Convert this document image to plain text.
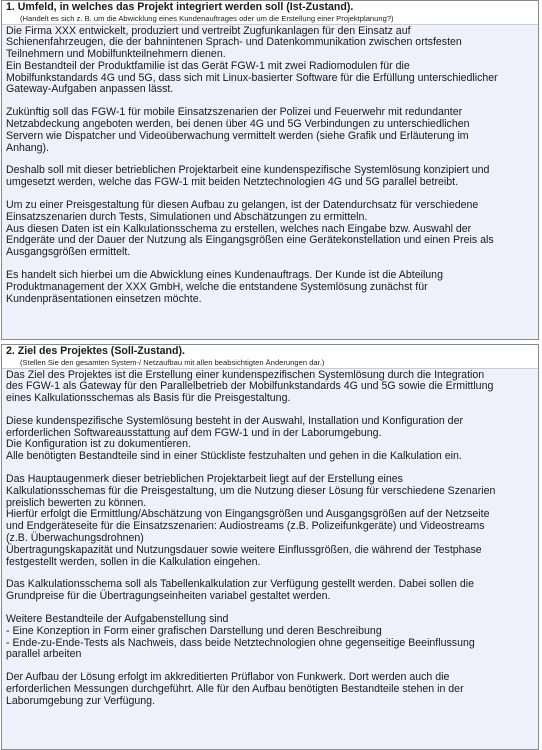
1. Umfeld, in welches das Projekt integriert werden soll (Ist-Zustand).

(Handelt es sich z. B. um die Abwicklung eines Kundenauftrages oder um die Erstellung einer Projektplanung?)

Die Firma XXX entwickelt, produziert und vertreibt Zugfunkanlagen für den Einsatz auf
Schienenfahrzeugen, die der bahnintenen Sprach- und Datenkommunikation zwischen ortsfesten
Teilnehmern und Mobilfunkteilnehmern dienen.
Ein Bestandteil der Produktfamilie ist das Gerät FGW-1 mit zwei Radiomodulen für die
Mobilfunkstandards 4G und 5G, dass sich mit Linux-basierter Software für die Erfüllung unterschiedlicher
Gateway-Aufgaben anpassen lässt.

Zukünftig soll das FGW-1 für mobile Einsatzszenarien der Polizei und Feuerwehr mit redundanter
Netzabdeckung angeboten werden, bei denen über 4G und 5G Verbindungen zu unterschiedlichen
Servern wie Dispatcher und Videoüberwachung vermittelt werden (siehe Grafik und Erläuterung im
Anhang).

Deshalb soll mit dieser betrieblichen Projektarbeit eine kundenspezifische Systemlösung konzipiert und
umgesetzt werden, welche das FGW-1 mit beiden Netztechnologien 4G und 5G parallel betreibt.

Um zu einer Preisgestaltung für diesen Aufbau zu gelangen, ist der Datendurchsatz für verschiedene
Einsatzszenarien durch Tests, Simulationen und Abschätzungen zu ermitteln.
Aus diesen Daten ist ein Kalkulationsschema zu erstellen, welches nach Eingabe bzw. Auswahl der
Endgeräte und der Dauer der Nutzung als Eingangsgrößen eine Gerätekonstellation und einen Preis als
Ausgangsgrößen ermittelt.

Es handelt sich hierbei um die Abwicklung eines Kundenauftrags. Der Kunde ist die Abteilung
Produktmanagement der XXX GmbH, welche die entstandene Systemlösung zunächst für
Kundenpräsentationen einsetzen möchte.

2. Ziel des Projektes (Soll-Zustand).

(Stellen Sie den gesamten System-/ Netzaufbau mit allen beabsichtigten Änderungen dar.)

Das Ziel des Projektes ist die Erstellung einer kundenspezifischen Systemlösung durch die Integration
des FGW-1 als Gateway für den Parallelbetrieb der Mobilfunkstandards 4G und 5G sowie die Ermittlung
eines Kalkulationsschemas als Basis für die Preisgestaltung.

Diese kundenspezifische Systemlösung besteht in der Auswahl, Installation und Konfiguration der
erforderlichen Softwareausstattung auf dem FGW-1 und in der Laborumgebung.
Die Konfiguration ist zu dokumentieren.
Alle benötigten Bestandteile sind in einer Stückliste festzuhalten und gehen in die Kalkulation ein.

Das Hauptaugenmerk dieser betrieblichen Projektarbeit liegt auf der Erstellung eines
Kalkulationsschemas für die Preisgestaltung, um die Nutzung dieser Lösung für verschiedene Szenarien
preislich bewerten zu können.
Hierfür erfolgt die Ermittlung/Abschätzung von Eingangsgrößen und Ausgangsgrößen auf der Netzseite
und Endgeräteseite für die Einsatzszenarien: Audiostreams (z.B. Polizeifunkgeräte) und Videostreams
(z.B. Überwachungsdrohnen)
Übertragungskapazität und Nutzungsdauer sowie weitere Einflussgrößen, die während der Testphase
festgestellt werden, sollen in die Kalkulation eingehen.

Das Kalkulationsschema soll als Tabellenkalkulation zur Verfügung gestellt werden. Dabei sollen die
Grundpreise für die Übertragungseinheiten variabel gestaltet werden.

Weitere Bestandteile der Aufgabenstellung sind
- Eine Konzeption in Form einer grafischen Darstellung und deren Beschreibung
- Ende-zu-Ende-Tests als Nachweis, dass beide Netztechnologien ohne gegenseitige Beeinflussung
parallel arbeiten

Der Aufbau der Lösung erfolgt im akkreditierten Prüflabor von Funkwerk. Dort werden auch die
erforderlichen Messungen durchgeführt. Alle für den Aufbau benötigten Bestandteile stehen in der
Laborumgebung zur Verfügung.
